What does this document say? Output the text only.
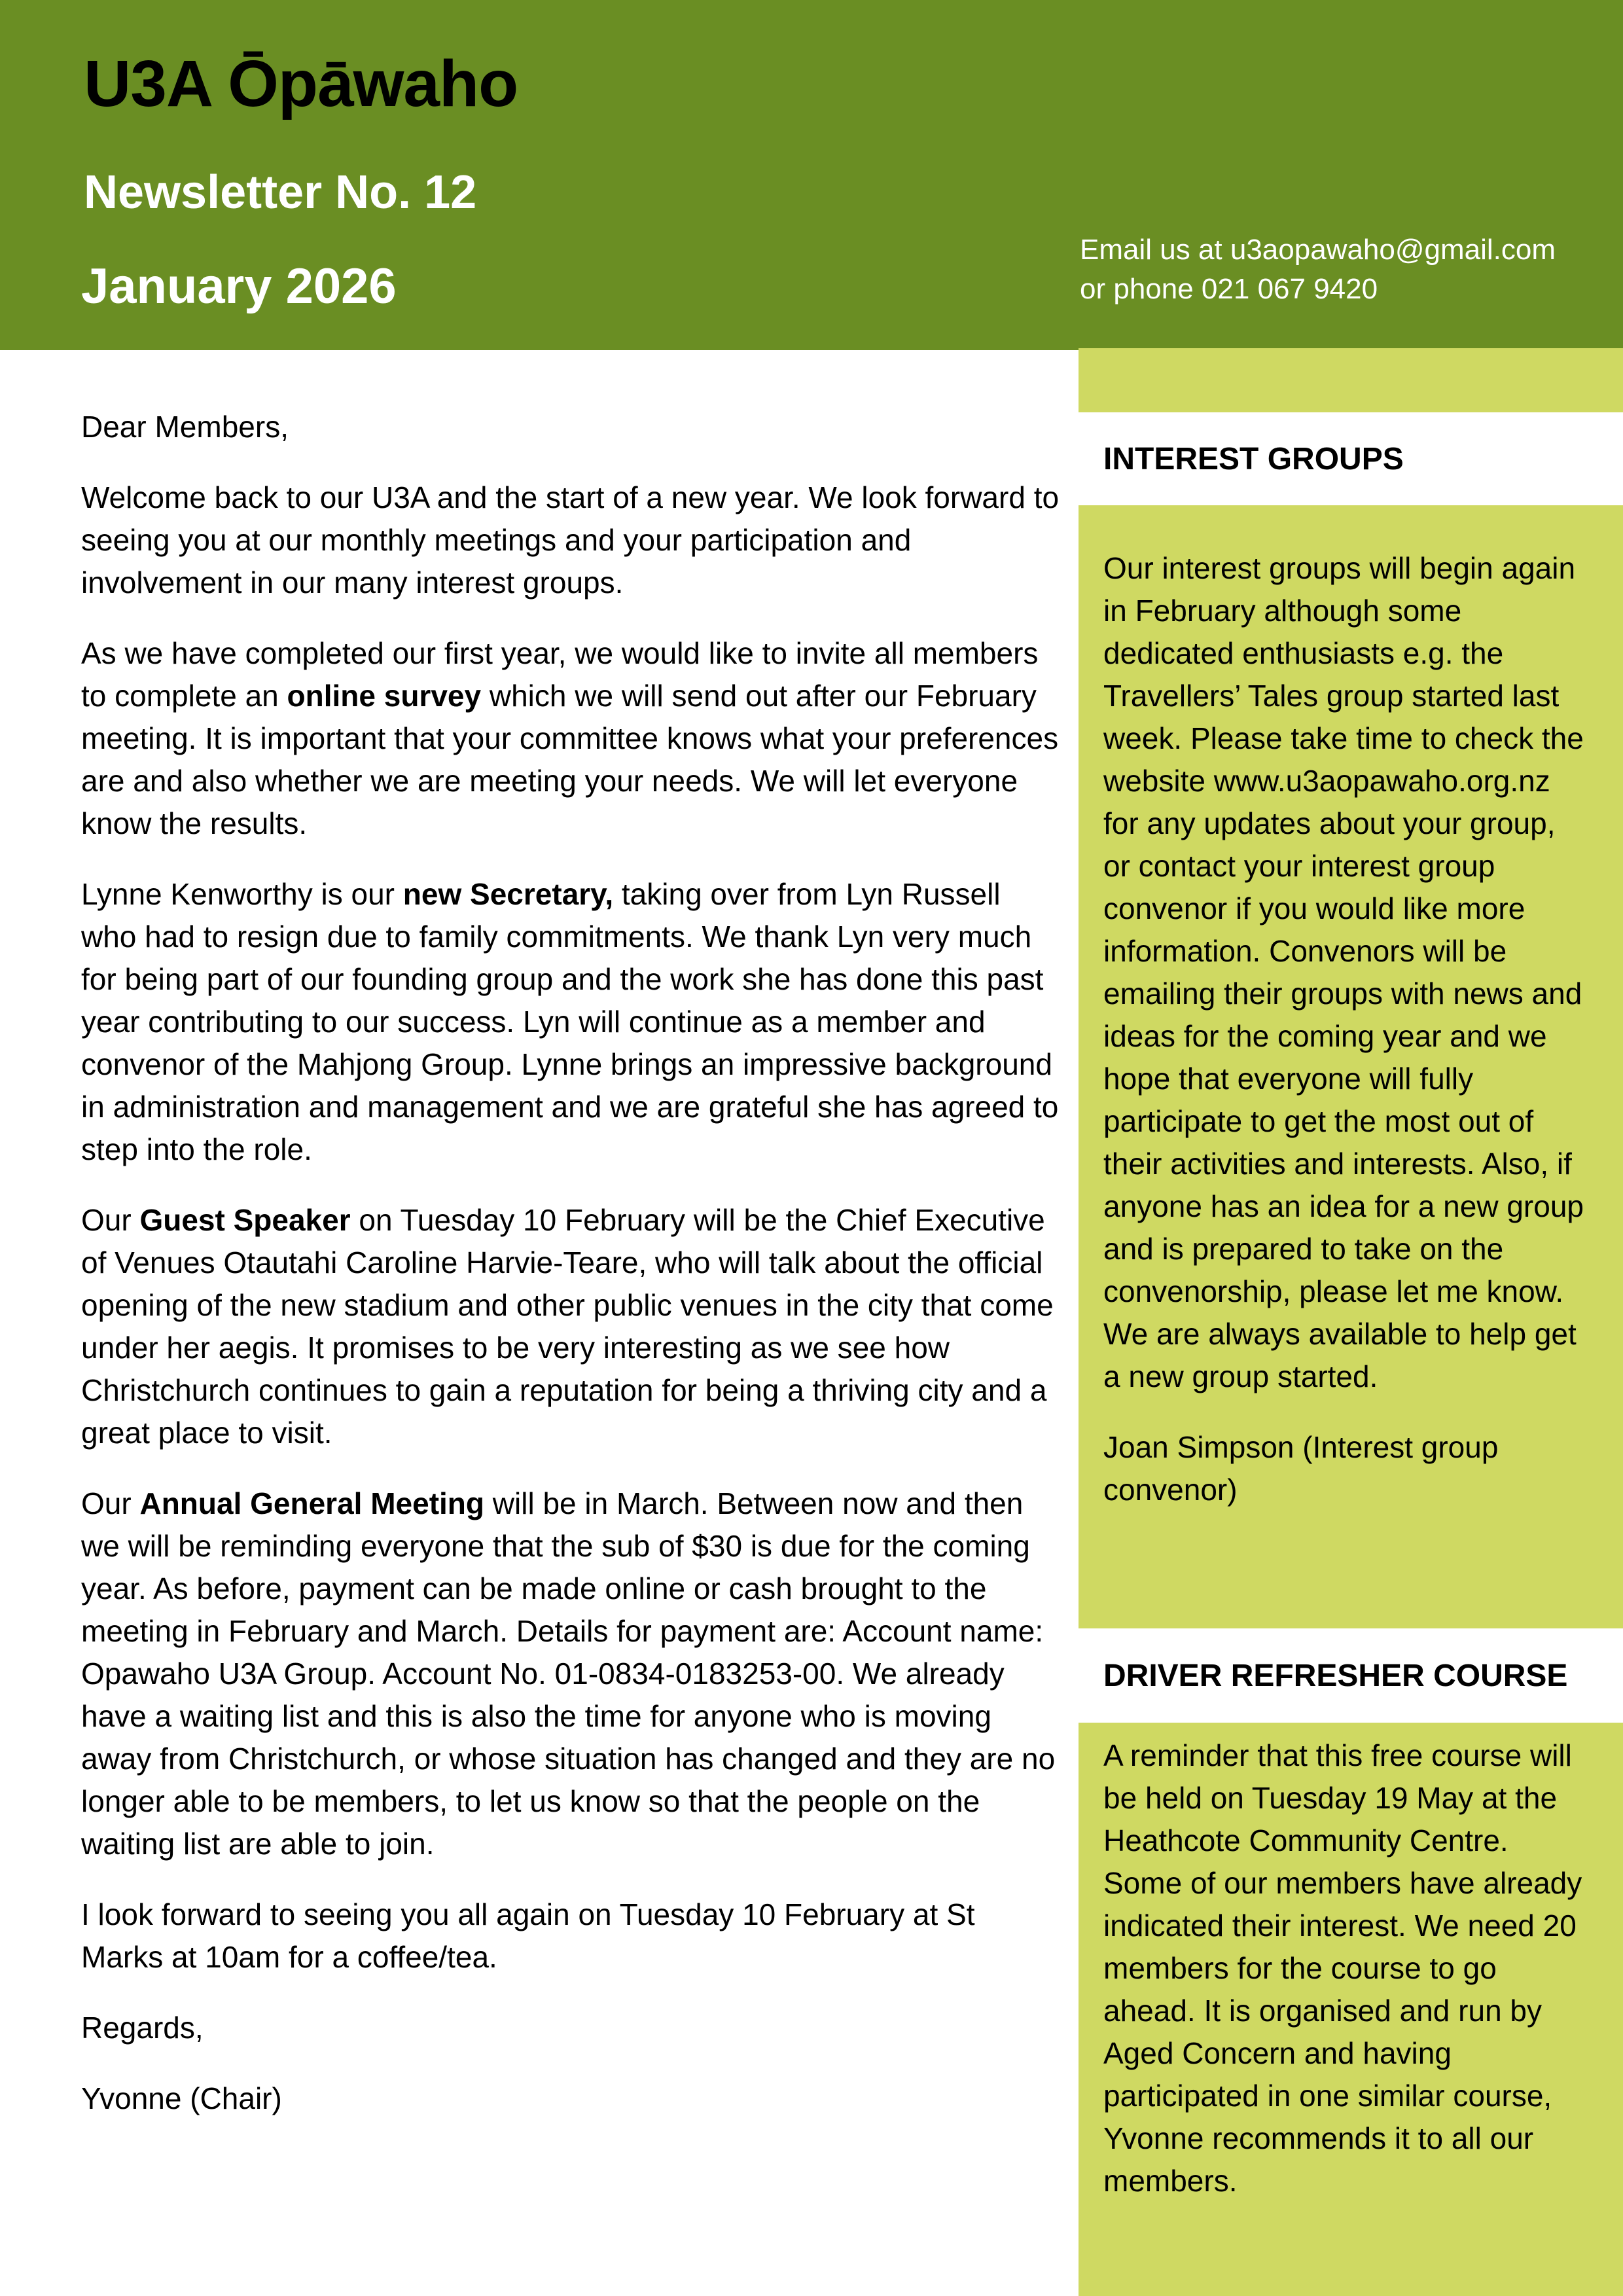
U3A Ōpāwaho
Newsletter No. 12
January 2026
Email us at u3aopawaho@gmail.com
or phone 021 067 9420

Dear Members,

Welcome back to our U3A and the start of a new year. We look forward to seeing you at our monthly meetings and your participation and involvement in our many interest groups.

As we have completed our first year, we would like to invite all members to complete an online survey which we will send out after our February meeting. It is important that your committee knows what your preferences are and also whether we are meeting your needs. We will let everyone know the results.

Lynne Kenworthy is our new Secretary, taking over from Lyn Russell who had to resign due to family commitments. We thank Lyn very much for being part of our founding group and the work she has done this past year contributing to our success. Lyn will continue as a member and convenor of the Mahjong Group. Lynne brings an impressive background in administration and management and we are grateful she has agreed to step into the role.

Our Guest Speaker on Tuesday 10 February will be the Chief Executive of Venues Otautahi Caroline Harvie-Teare, who will talk about the official opening of the new stadium and other public venues in the city that come under her aegis. It promises to be very interesting as we see how Christchurch continues to gain a reputation for being a thriving city and a great place to visit.

Our Annual General Meeting will be in March. Between now and then we will be reminding everyone that the sub of $30 is due for the coming year. As before, payment can be made online or cash brought to the meeting in February and March. Details for payment are: Account name: Opawaho U3A Group. Account No. 01-0834-0183253-00. We already have a waiting list and this is also the time for anyone who is moving away from Christchurch, or whose situation has changed and they are no longer able to be members, to let us know so that the people on the waiting list are able to join.

I look forward to seeing you all again on Tuesday 10 February at St Marks at 10am for a coffee/tea.

Regards,

Yvonne (Chair)

INTEREST GROUPS

Our interest groups will begin again in February although some dedicated enthusiasts e.g. the Travellers’ Tales group started last week. Please take time to check the website www.u3aopawaho.org.nz for any updates about your group, or contact your interest group convenor if you would like more information. Convenors will be emailing their groups with news and ideas for the coming year and we hope that everyone will fully participate to get the most out of their activities and interests. Also, if anyone has an idea for a new group and is prepared to take on the convenorship, please let me know. We are always available to help get a new group started.

Joan Simpson (Interest group convenor)

DRIVER REFRESHER COURSE

A reminder that this free course will be held on Tuesday 19 May at the Heathcote Community Centre. Some of our members have already indicated their interest. We need 20 members for the course to go ahead. It is organised and run by Aged Concern and having participated in one similar course, Yvonne recommends it to all our members.
